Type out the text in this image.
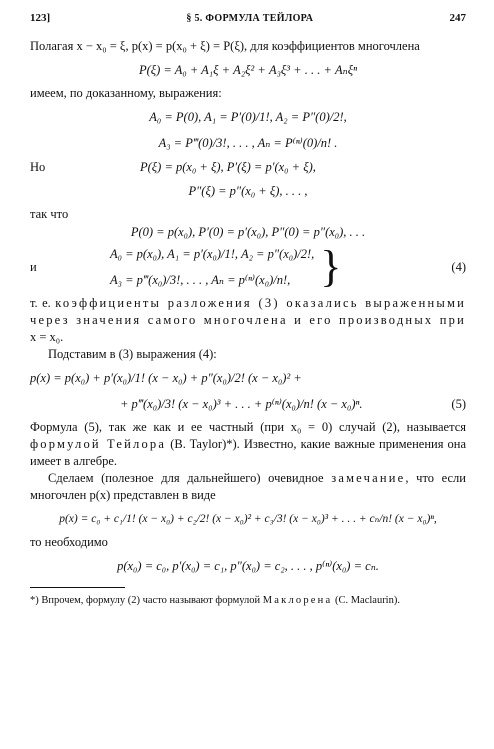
123]	§ 5. ФОРМУЛА ТЕЙЛОРА	247

Полагая x − x₀ = ξ, p(x) = p(x₀ + ξ) = P(ξ), для коэффициентов многочлена

P(ξ) = A₀ + A₁ξ + A₂ξ² + A₃ξ³ + . . . + Aₙξⁿ

имеем, по доказанному, выражения:

A₀ = P(0), A₁ = P′(0)/1!, A₂ = P″(0)/2!,

A₃ = P‴(0)/3!, . . . , Aₙ = P⁽ⁿ⁾(0)/n! .

Но	P(ξ) = p(x₀ + ξ), P′(ξ) = p′(x₀ + ξ),

P″(ξ) = p″(x₀ + ξ), . . . ,

так что

P(0) = p(x₀), P′(0) = p′(x₀), P″(0) = p″(x₀), . . .

и

A₀ = p(x₀), A₁ = p′(x₀)/1!, A₂ = p″(x₀)/2!,

A₃ = p‴(x₀)/3!, . . . , Aₙ = p⁽ⁿ⁾(x₀)/n!, }	(4)

т. е. коэффициенты разложения (3) оказались выраженными через значения самого многочлена и его производных при x = x₀.

Подставим в (3) выражения (4):

p(x) = p(x₀) + p′(x₀)/1! (x − x₀) + p″(x₀)/2! (x − x₀)² +

+ p‴(x₀)/3! (x − x₀)³ + . . . + p⁽ⁿ⁾(x₀)/n! (x − x₀)ⁿ.	(5)

Формула (5), так же как и ее частный (при x₀ = 0) случай (2), называется формулой Тейлора (B. Taylor)*). Известно, какие важные применения она имеет в алгебре.

Сделаем (полезное для дальнейшего) очевидное замечание, что если многочлен p(x) представлен в виде

p(x) = c₀ + c₁/1! (x − x₀) + c₂/2! (x − x₀)² + c₃/3! (x − x₀)³ + . . . + cₙ/n! (x − x₀)ⁿ,

то необходимо

p(x₀) = c₀, p′(x₀) = c₁, p″(x₀) = c₂, . . . , p⁽ⁿ⁾(x₀) = cₙ.

*) Впрочем, формулу (2) часто называют формулой Маклорена (C. Maclaurin).
